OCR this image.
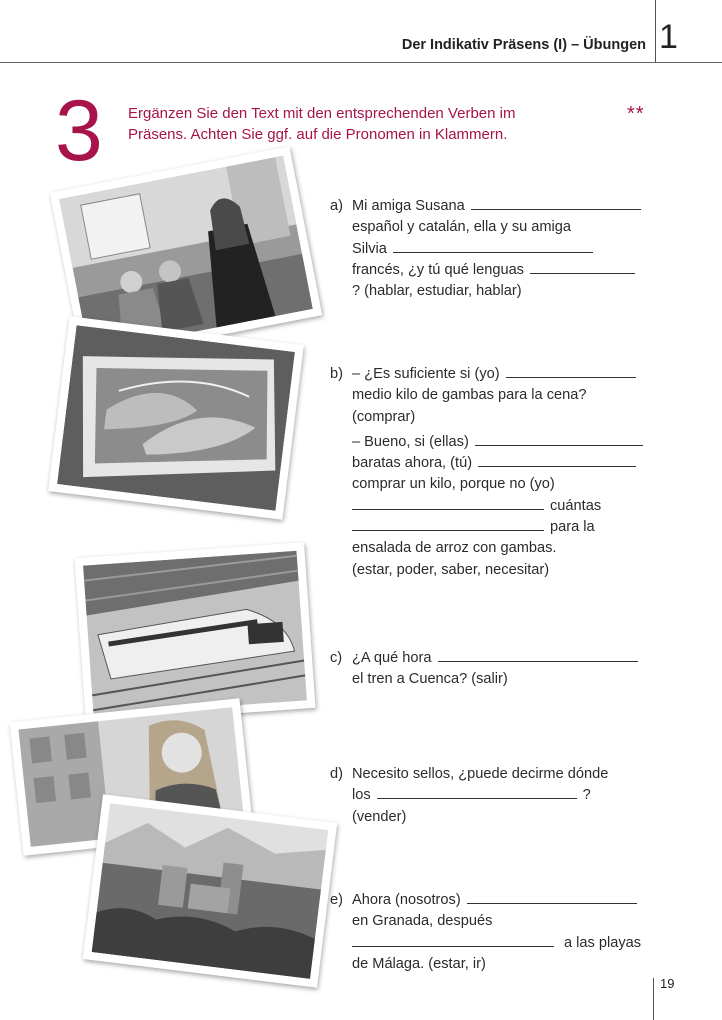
Der Indikativ Präsens (I) – Übungen 1
3 Ergänzen Sie den Text mit den entsprechenden Verben im
Präsens. Achten Sie ggf. auf die Pronomen in Klammern.
**
a) Mi amiga Susana
español y catalán, ella y su amiga
Silvia
francés, ¿y tú qué lenguas
? (hablar, estudiar, hablar)
b) – ¿Es suficiente si (yo)
medio kilo de gambas para la cena?
(comprar)
– Bueno, si (ellas)
baratas ahora, (tú)
comprar un kilo, porque no (yo)
cuántas
para la
ensalada de arroz con gambas.
(estar, poder, saber, necesitar)
c) ¿A qué hora
el tren a Cuenca? (salir)
d) Necesito sellos, ¿puede decirme dónde
los	?
(vender)
e) Ahora (nosotros)
en Granada, después
a las playas
de Málaga. (estar, ir)
19
